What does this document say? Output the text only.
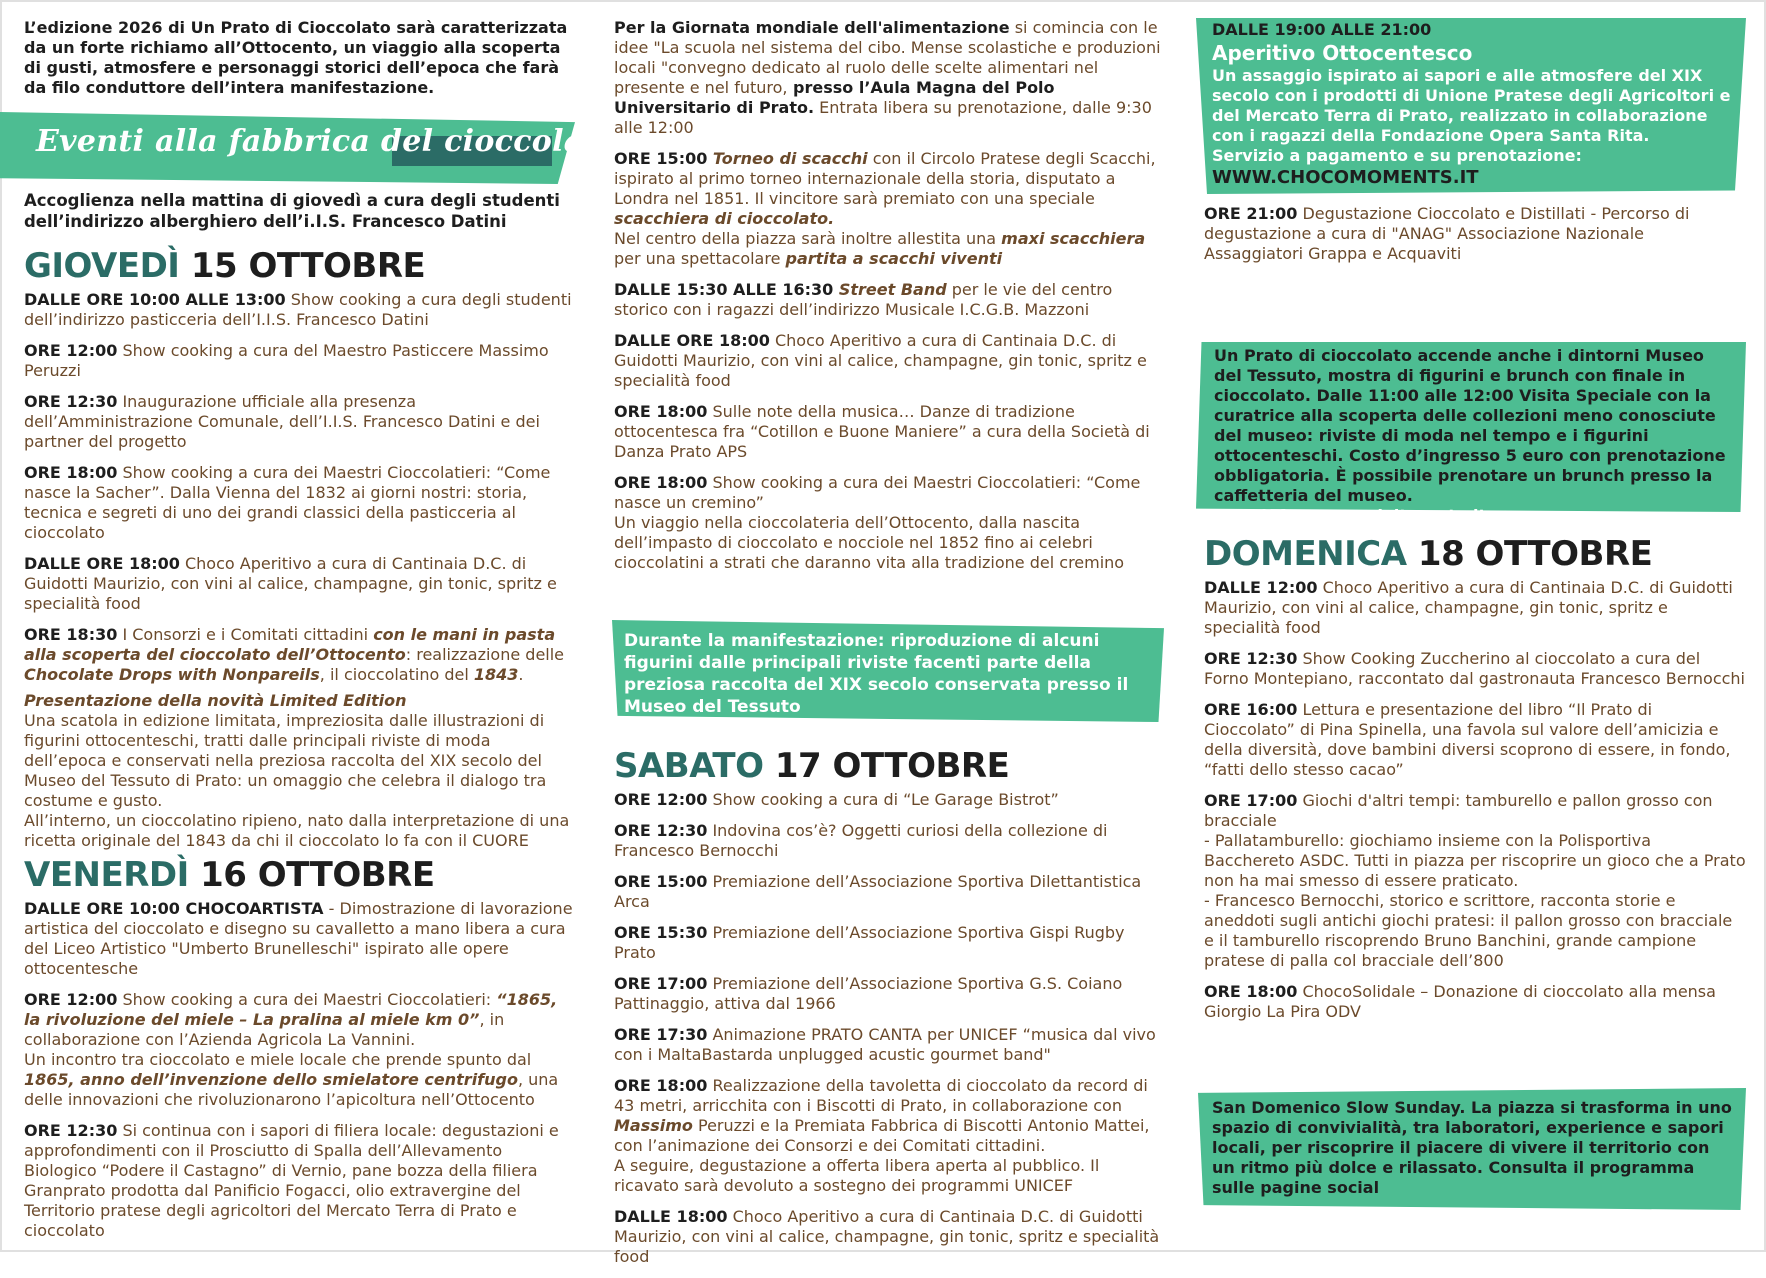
L’edizione 2026 di Un Prato di Cioccolato sarà caratterizzata da un forte richiamo all’Ottocento, un viaggio alla scoperta di gusti, atmosfere e personaggi storici dell’epoca che farà da filo conduttore dell’intera manifestazione.
Eventi alla fabbrica del cioccolato
Accoglienza nella mattina di giovedì a cura degli studenti dell’indirizzo alberghiero dell’i.I.S. Francesco Datini
GIOVEDÌ 15 OTTOBRE
DALLE ORE 10:00 ALLE 13:00 Show cooking a cura degli studenti dell’indirizzo pasticceria dell’I.I.S. Francesco Datini
ORE 12:00 Show cooking a cura del Maestro Pasticcere Massimo Peruzzi
ORE 12:30 Inaugurazione ufficiale alla presenza dell’Amministrazione Comunale, dell’I.I.S. Francesco Datini e dei partner del progetto
ORE 18:00 Show cooking a cura dei Maestri Cioccolatieri: “Come nasce la Sacher”. Dalla Vienna del 1832 ai giorni nostri: storia, tecnica e segreti di uno dei grandi classici della pasticceria al cioccolato
DALLE ORE 18:00 Choco Aperitivo a cura di Cantinaia D.C. di Guidotti Maurizio, con vini al calice, champagne, gin tonic, spritz e specialità food
ORE 18:30 I Consorzi e i Comitati cittadini con le mani in pasta alla scoperta del cioccolato dell’Ottocento: realizzazione delle Chocolate Drops with Nonpareils, il cioccolatino del 1843.
Presentazione della novità Limited Edition
Una scatola in edizione limitata, impreziosita dalle illustrazioni di figurini ottocenteschi, tratti dalle principali riviste di moda dell’epoca e conservati nella preziosa raccolta del XIX secolo del Museo del Tessuto di Prato: un omaggio che celebra il dialogo tra costume e gusto.
All’interno, un cioccolatino ripieno, nato dalla interpretazione di una ricetta originale del 1843 da chi il cioccolato lo fa con il CUORE
VENERDÌ 16 OTTOBRE
DALLE ORE 10:00 CHOCOARTISTA - Dimostrazione di lavorazione artistica del cioccolato e disegno su cavalletto a mano libera a cura del Liceo Artistico "Umberto Brunelleschi" ispirato alle opere ottocentesche
ORE 12:00 Show cooking a cura dei Maestri Cioccolatieri: “1865, la rivoluzione del miele – La pralina al miele km 0”, in collaborazione con l’Azienda Agricola La Vannini.
Un incontro tra cioccolato e miele locale che prende spunto dal 1865, anno dell’invenzione dello smielatore centrifugo, una delle innovazioni che rivoluzionarono l’apicoltura nell’Ottocento
ORE 12:30 Si continua con i sapori di filiera locale: degustazioni e approfondimenti con il Prosciutto di Spalla dell’Allevamento Biologico “Podere il Castagno” di Vernio, pane bozza della filiera Granprato prodotta dal Panificio Fogacci, olio extravergine del Territorio pratese degli agricoltori del Mercato Terra di Prato e cioccolato
Per la Giornata mondiale dell'alimentazione si comincia con le idee "La scuola nel sistema del cibo. Mense scolastiche e produzioni locali "convegno dedicato al ruolo delle scelte alimentari nel presente e nel futuro, presso l’Aula Magna del Polo Universitario di Prato. Entrata libera su prenotazione, dalle 9:30 alle 12:00
ORE 15:00 Torneo di scacchi con il Circolo Pratese degli Scacchi, ispirato al primo torneo internazionale della storia, disputato a Londra nel 1851. Il vincitore sarà premiato con una speciale scacchiera di cioccolato.
Nel centro della piazza sarà inoltre allestita una maxi scacchiera per una spettacolare partita a scacchi viventi
DALLE 15:30 ALLE 16:30 Street Band per le vie del centro storico con i ragazzi dell’indirizzo Musicale I.C.G.B. Mazzoni
DALLE ORE 18:00 Choco Aperitivo a cura di Cantinaia D.C. di Guidotti Maurizio, con vini al calice, champagne, gin tonic, spritz e specialità food
ORE 18:00 Sulle note della musica… Danze di tradizione ottocentesca fra “Cotillon e Buone Maniere” a cura della Società di Danza Prato APS
ORE 18:00 Show cooking a cura dei Maestri Cioccolatieri: “Come nasce un cremino”
Un viaggio nella cioccolateria dell’Ottocento, dalla nascita dell’impasto di cioccolato e nocciole nel 1852 fino ai celebri cioccolatini a strati che daranno vita alla tradizione del cremino
Durante la manifestazione: riproduzione di alcuni figurini dalle principali riviste facenti parte della preziosa raccolta del XIX secolo conservata presso il Museo del Tessuto
SABATO 17 OTTOBRE
ORE 12:00 Show cooking a cura di “Le Garage Bistrot”
ORE 12:30 Indovina cos’è? Oggetti curiosi della collezione di Francesco Bernocchi
ORE 15:00 Premiazione dell’Associazione Sportiva Dilettantistica Arca
ORE 15:30 Premiazione dell’Associazione Sportiva Gispi Rugby Prato
ORE 17:00 Premiazione dell’Associazione Sportiva G.S. Coiano Pattinaggio, attiva dal 1966
ORE 17:30 Animazione PRATO CANTA per UNICEF “musica dal vivo con i MaltaBastarda unplugged acustic gourmet band"
ORE 18:00 Realizzazione della tavoletta di cioccolato da record di 43 metri, arricchita con i Biscotti di Prato, in collaborazione con Massimo Peruzzi e la Premiata Fabbrica di Biscotti Antonio Mattei, con l’animazione dei Consorzi e dei Comitati cittadini.
A seguire, degustazione a offerta libera aperta al pubblico. Il ricavato sarà devoluto a sostegno dei programmi UNICEF
DALLE 18:00 Choco Aperitivo a cura di Cantinaia D.C. di Guidotti Maurizio, con vini al calice, champagne, gin tonic, spritz e specialità food
DALLE 19:00 ALLE 21:00
Aperitivo Ottocentesco
Un assaggio ispirato ai sapori e alle atmosfere del XIX secolo con i prodotti di Unione Pratese degli Agricoltori e del Mercato Terra di Prato, realizzato in collaborazione con i ragazzi della Fondazione Opera Santa Rita.
Servizio a pagamento e su prenotazione:
WWW.CHOCOMOMENTS.IT
ORE 21:00 Degustazione Cioccolato e Distillati - Percorso di degustazione a cura di "ANAG" Associazione Nazionale Assaggiatori Grappa e Acquaviti
Un Prato di cioccolato accende anche i dintorni Museo del Tessuto, mostra di figurini e brunch con finale in cioccolato. Dalle 11:00 alle 12:00 Visita Speciale con la curatrice alla scoperta delle collezioni meno conosciute del museo: riviste di moda nel tempo e i figurini ottocenteschi. Costo d’ingresso 5 euro con prenotazione obbligatoria. È possibile prenotare un brunch presso la caffetteria del museo.
Info: info@museodeltessuto.it
DOMENICA 18 OTTOBRE
DALLE 12:00 Choco Aperitivo a cura di Cantinaia D.C. di Guidotti Maurizio, con vini al calice, champagne, gin tonic, spritz e specialità food
ORE 12:30 Show Cooking Zuccherino al cioccolato a cura del Forno Montepiano, raccontato dal gastronauta Francesco Bernocchi
ORE 16:00 Lettura e presentazione del libro “Il Prato di Cioccolato” di Pina Spinella, una favola sul valore dell’amicizia e della diversità, dove bambini diversi scoprono di essere, in fondo, “fatti dello stesso cacao”
ORE 17:00 Giochi d'altri tempi: tamburello e pallon grosso con bracciale
- Pallatamburello: giochiamo insieme con la Polisportiva Bacchereto ASDC. Tutti in piazza per riscoprire un gioco che a Prato non ha mai smesso di essere praticato.
- Francesco Bernocchi, storico e scrittore, racconta storie e aneddoti sugli antichi giochi pratesi: il pallon grosso con bracciale e il tamburello riscoprendo Bruno Banchini, grande campione pratese di palla col bracciale dell’800
ORE 18:00 ChocoSolidale – Donazione di cioccolato alla mensa Giorgio La Pira ODV
San Domenico Slow Sunday. La piazza si trasforma in uno spazio di convivialità, tra laboratori, experience e sapori locali, per riscoprire il piacere di vivere il territorio con un ritmo più dolce e rilassato. Consulta il programma sulle pagine social
